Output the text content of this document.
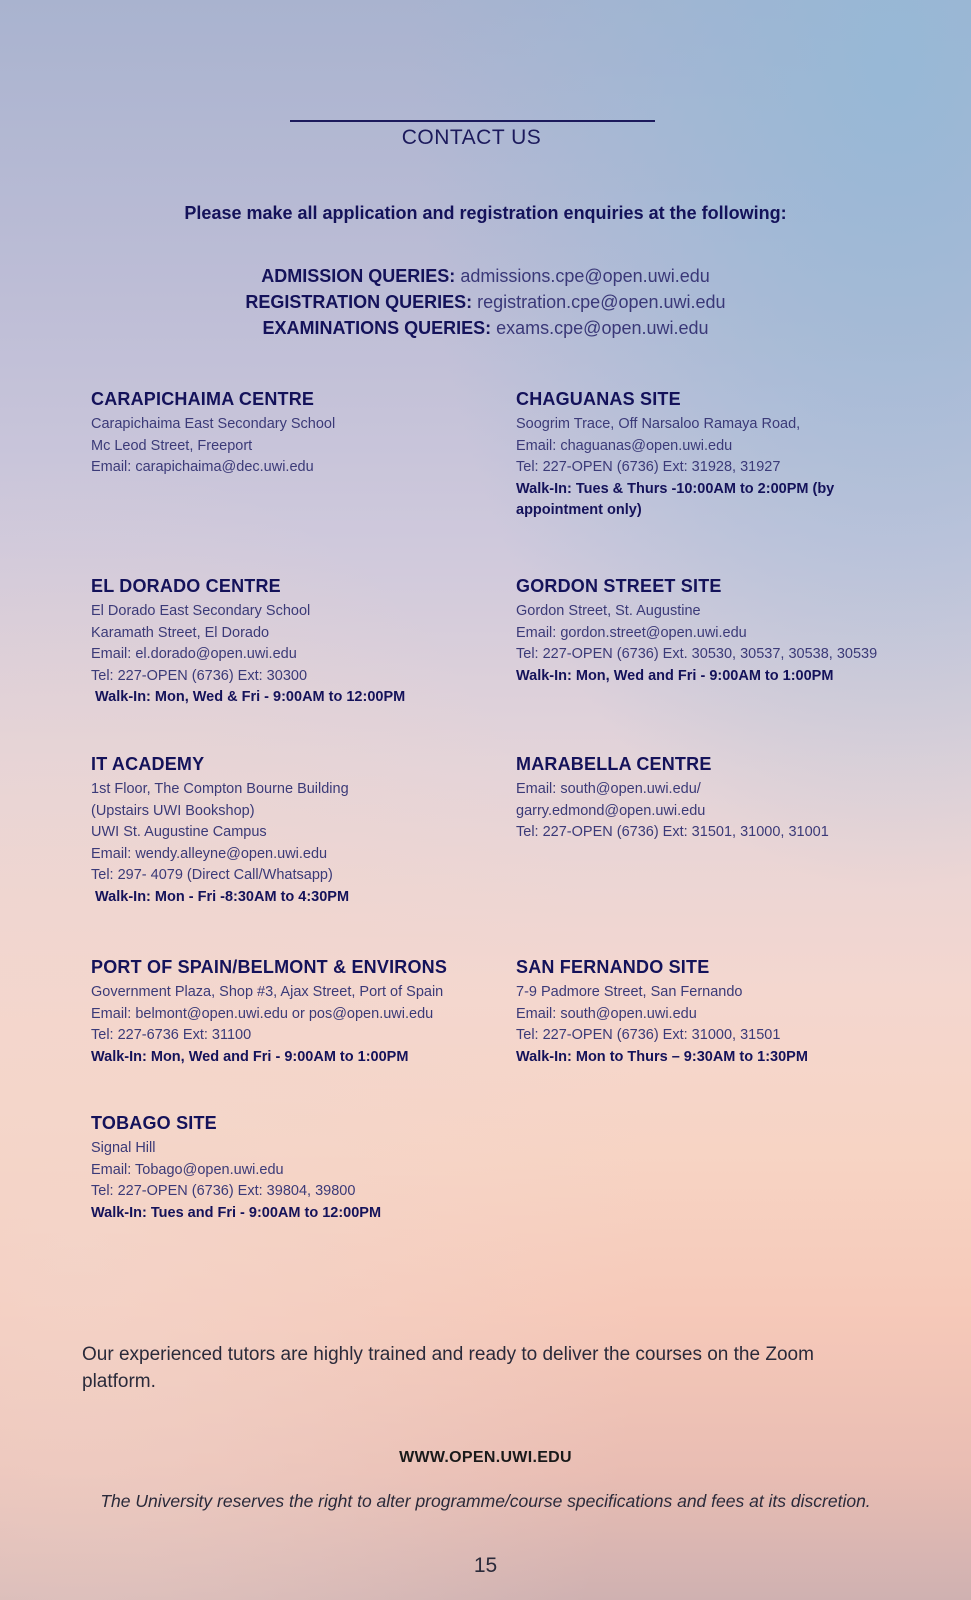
CONTACT US
Please make all application and registration enquiries at the following:
ADMISSION QUERIES: admissions.cpe@open.uwi.edu
REGISTRATION QUERIES: registration.cpe@open.uwi.edu
EXAMINATIONS QUERIES: exams.cpe@open.uwi.edu
CARAPICHAIMA CENTRE
Carapichaima East Secondary School
Mc Leod Street, Freeport
Email: carapichaima@dec.uwi.edu
CHAGUANAS SITE
Soogrim Trace, Off Narsaloo Ramaya Road,
Email: chaguanas@open.uwi.edu
Tel: 227-OPEN (6736) Ext: 31928, 31927
Walk-In: Tues & Thurs -10:00AM to 2:00PM (by appointment only)
EL DORADO CENTRE
El Dorado East Secondary School
Karamath Street, El Dorado
Email: el.dorado@open.uwi.edu
Tel: 227-OPEN (6736) Ext: 30300
Walk-In: Mon, Wed & Fri - 9:00AM to 12:00PM
GORDON STREET SITE
Gordon Street, St. Augustine
Email: gordon.street@open.uwi.edu
Tel: 227-OPEN (6736) Ext. 30530, 30537, 30538, 30539
Walk-In: Mon, Wed and Fri - 9:00AM to 1:00PM
IT ACADEMY
1st Floor, The Compton Bourne Building
(Upstairs UWI Bookshop)
UWI St. Augustine Campus
Email: wendy.alleyne@open.uwi.edu
Tel: 297- 4079 (Direct Call/Whatsapp)
Walk-In: Mon - Fri -8:30AM to 4:30PM
MARABELLA CENTRE
Email: south@open.uwi.edu/
garry.edmond@open.uwi.edu
Tel: 227-OPEN (6736) Ext: 31501, 31000, 31001
PORT OF SPAIN/BELMONT & ENVIRONS
Government Plaza, Shop #3, Ajax Street, Port of Spain
Email: belmont@open.uwi.edu or pos@open.uwi.edu
Tel: 227-6736 Ext: 31100
Walk-In: Mon, Wed and Fri - 9:00AM to 1:00PM
SAN FERNANDO SITE
7-9 Padmore Street, San Fernando
Email: south@open.uwi.edu
Tel: 227-OPEN (6736) Ext: 31000, 31501
Walk-In: Mon to Thurs – 9:30AM to 1:30PM
TOBAGO SITE
Signal Hill
Email: Tobago@open.uwi.edu
Tel: 227-OPEN (6736) Ext: 39804, 39800
Walk-In: Tues and Fri - 9:00AM to 12:00PM
Our experienced tutors are highly trained and ready to deliver the courses on the Zoom platform.
WWW.OPEN.UWI.EDU
The University reserves the right to alter programme/course specifications and fees at its discretion.
15
